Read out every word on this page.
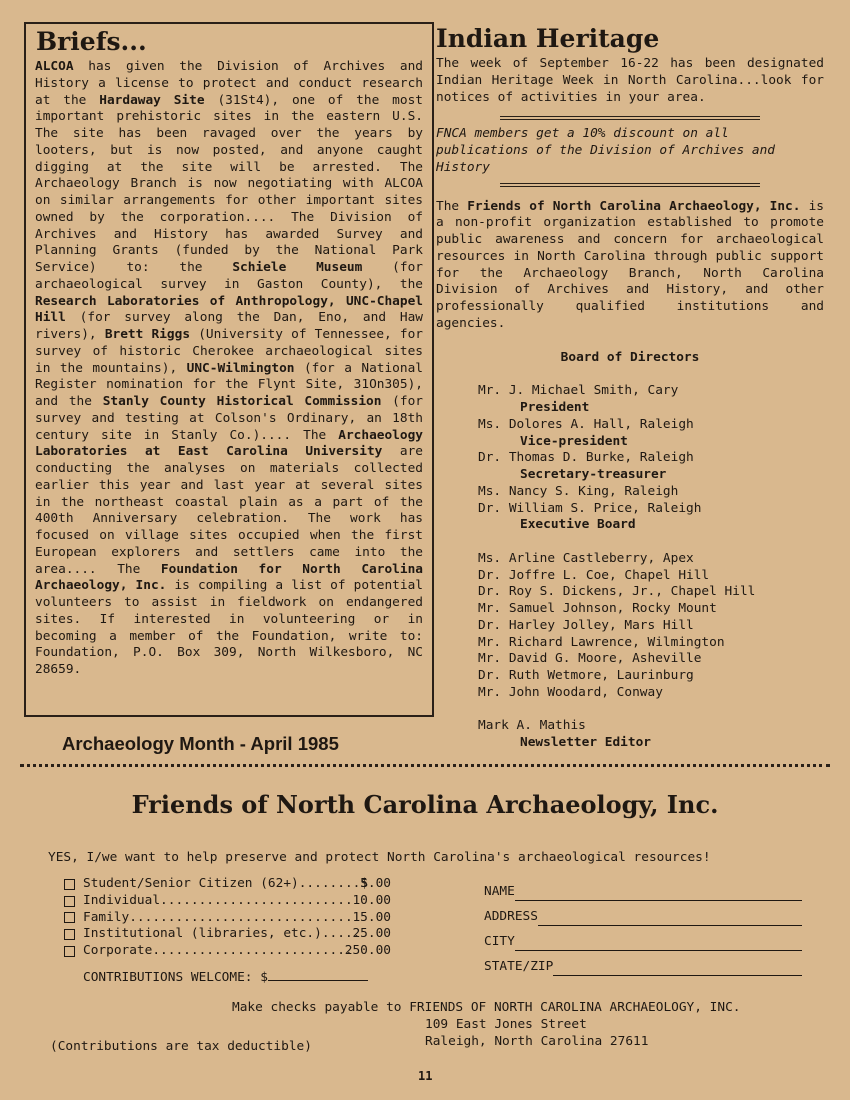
Briefs...
ALCOA has given the Division of Archives and History a license to protect and conduct research at the Hardaway Site (31St4), one of the most important prehistoric sites in the eastern U.S. The site has been ravaged over the years by looters, but is now posted, and anyone caught digging at the site will be arrested. The Archaeology Branch is now negotiating with ALCOA on similar arrangements for other important sites owned by the corporation.... The Division of Archives and History has awarded Survey and Planning Grants (funded by the National Park Service) to: the Schiele Museum (for archaeological survey in Gaston County), the Research Laboratories of Anthropology, UNC-Chapel Hill (for survey along the Dan, Eno, and Haw rivers), Brett Riggs (University of Tennessee, for survey of historic Cherokee archaeological sites in the mountains), UNC-Wilmington (for a National Register nomination for the Flynt Site, 31On305), and the Stanly County Historical Commission (for survey and testing at Colson's Ordinary, an 18th century site in Stanly Co.).... The Archaeology Laboratories at East Carolina University are conducting the analyses on materials collected earlier this year and last year at several sites in the northeast coastal plain as a part of the 400th Anniversary celebration. The work has focused on village sites occupied when the first European explorers and settlers came into the area.... The Foundation for North Carolina Archaeology, Inc. is compiling a list of potential volunteers to assist in fieldwork on endangered sites. If interested in volunteering or in becoming a member of the Foundation, write to: Foundation, P.O. Box 309, North Wilkesboro, NC 28659.
Indian Heritage
The week of September 16-22 has been designated Indian Heritage Week in North Carolina...look for notices of activities in your area.
FNCA members get a 10% discount on all publications of the Division of Archives and History
The Friends of North Carolina Archaeology, Inc. is a non-profit organization established to promote public awareness and concern for archaeological resources in North Carolina through public support for the Archaeology Branch, North Carolina Division of Archives and History, and other professionally qualified institutions and agencies.
Board of Directors
Mr. J. Michael Smith, Cary
President
Ms. Dolores A. Hall, Raleigh
Vice-president
Dr. Thomas D. Burke, Raleigh
Secretary-treasurer
Ms. Nancy S. King, Raleigh
Dr. William S. Price, Raleigh
Executive Board
Ms. Arline Castleberry, Apex
Dr. Joffre L. Coe, Chapel Hill
Dr. Roy S. Dickens, Jr., Chapel Hill
Mr. Samuel Johnson, Rocky Mount
Dr. Harley Jolley, Mars Hill
Mr. Richard Lawrence, Wilmington
Mr. David G. Moore, Asheville
Dr. Ruth Wetmore, Laurinburg
Mr. John Woodard, Conway
Mark A. Mathis
Newsletter Editor
Archaeology Month - April 1985
Friends of North Carolina Archaeology, Inc.
YES, I/we want to help preserve and protect North Carolina's archaeological resources!
Student/Senior Citizen (62+)........$
5.00
Individual......................... 10.00
Family............................. 15.00
Institutional (libraries, etc.).....
25.00
Corporate..........................
250.00
CONTRIBUTIONS WELCOME: $
NAME
ADDRESS
CITY
STATE/ZIP
Make checks payable to FRIENDS OF NORTH CAROLINA ARCHAEOLOGY, INC.
109 East Jones Street
Raleigh, North Carolina 27611
(Contributions are tax deductible)
11
